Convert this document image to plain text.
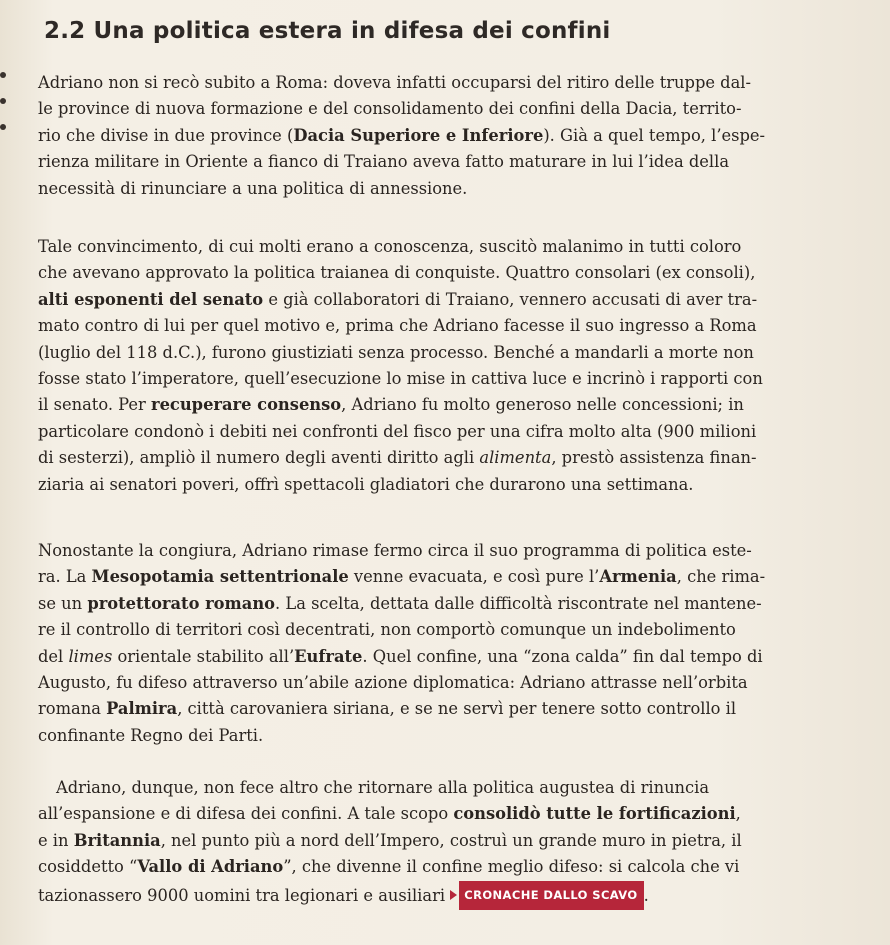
2.2 Una politica estera in difesa dei confini
Adriano non si recò subito a Roma: doveva infatti occuparsi del ritiro delle truppe dal-
le province di nuova formazione e del consolidamento dei confini della Dacia, territo-
rio che divise in due province (Dacia Superiore e Inferiore). Già a quel tempo, l’espe-
rienza militare in Oriente a fianco di Traiano aveva fatto maturare in lui l’idea della
necessità di rinunciare a una politica di annessione.
Tale convincimento, di cui molti erano a conoscenza, suscitò malanimo in tutti coloro
che avevano approvato la politica traianea di conquiste. Quattro consolari (ex consoli),
alti esponenti del senato e già collaboratori di Traiano, vennero accusati di aver tra-
mato contro di lui per quel motivo e, prima che Adriano facesse il suo ingresso a Roma
(luglio del 118 d.C.), furono giustiziati senza processo. Benché a mandarli a morte non
fosse stato l’imperatore, quell’esecuzione lo mise in cattiva luce e incrinò i rapporti con
il senato. Per recuperare consenso, Adriano fu molto generoso nelle concessioni; in
particolare condonò i debiti nei confronti del fisco per una cifra molto alta (900 milioni
di sesterzi), ampliò il numero degli aventi diritto agli alimenta, prestò assistenza finan-
ziaria ai senatori poveri, offrì spettacoli gladiatori che durarono una settimana.
Nonostante la congiura, Adriano rimase fermo circa il suo programma di politica este-
ra. La Mesopotamia settentrionale venne evacuata, e così pure l’Armenia, che rima-
se un protettorato romano. La scelta, dettata dalle difficoltà riscontrate nel mantene-
re il controllo di territori così decentrati, non comportò comunque un indebolimento
del limes orientale stabilito all’Eufrate. Quel confine, una “zona calda” fin dal tempo di
Augusto, fu difeso attraverso un’abile azione diplomatica: Adriano attrasse nell’orbita
romana Palmira, città carovaniera siriana, e se ne servì per tenere sotto controllo il
confinante Regno dei Parti.
Adriano, dunque, non fece altro che ritornare alla politica augustea di rinuncia
all’espansione e di difesa dei confini. A tale scopo consolidò tutte le fortificazioni,
e in Britannia, nel punto più a nord dell’Impero, costruì un grande muro in pietra, il
cosiddetto “Vallo di Adriano”, che divenne il confine meglio difeso: si calcola che vi
tazionassero 9000 uomini tra legionari e ausiliari CRONACHE DALLO SCAVO .
